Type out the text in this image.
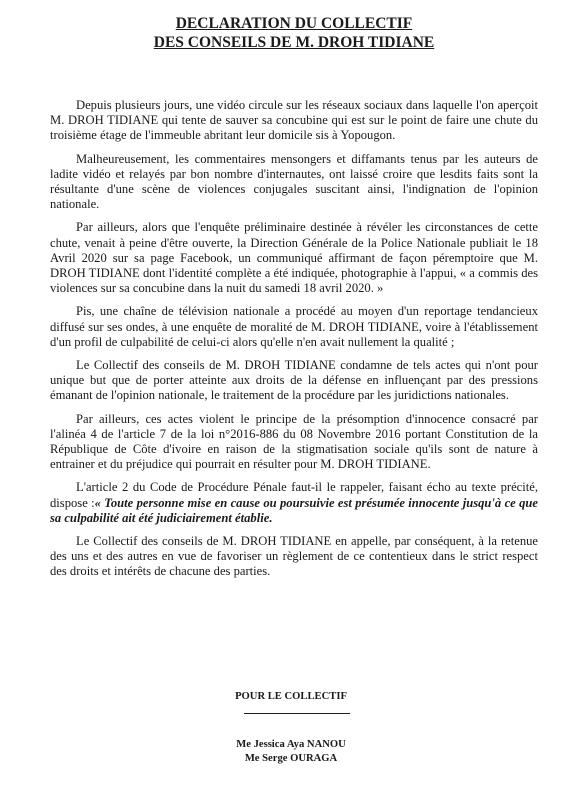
DECLARATION DU COLLECTIF
DES CONSEILS DE M. DROH TIDIANE

Depuis plusieurs jours, une vidéo circule sur les réseaux sociaux dans laquelle l'on aperçoit M. DROH TIDIANE qui tente de sauver sa concubine qui est sur le point de faire une chute du troisième étage de l'immeuble abritant leur domicile sis à Yopougon.

Malheureusement, les commentaires mensongers et diffamants tenus par les auteurs de ladite vidéo et relayés par bon nombre d'internautes, ont laissé croire que lesdits faits sont la résultante d'une scène de violences conjugales suscitant ainsi, l'indignation de l'opinion nationale.

Par ailleurs, alors que l'enquête préliminaire destinée à révéler les circonstances de cette chute, venait à peine d'être ouverte, la Direction Générale de la Police Nationale publiait le 18 Avril 2020 sur sa page Facebook, un communiqué affirmant de façon péremptoire que M. DROH TIDIANE dont l'identité complète a été indiquée, photographie à l'appui, « a commis des violences sur sa concubine dans la nuit du samedi 18 avril 2020. »

Pis, une chaîne de télévision nationale a procédé au moyen d'un reportage tendancieux diffusé sur ses ondes, à une enquête de moralité de M. DROH TIDIANE, voire à l'établissement d'un profil de culpabilité de celui-ci alors qu'elle n'en avait nullement la qualité ;

Le Collectif des conseils de M. DROH TIDIANE condamne de tels actes qui n'ont pour unique but que de porter atteinte aux droits de la défense en influençant par des pressions émanant de l'opinion nationale, le traitement de la procédure par les juridictions nationales.

Par ailleurs, ces actes violent le principe de la présomption d'innocence consacré par l'alinéa 4 de l'article 7 de la loi n°2016-886 du 08 Novembre 2016 portant Constitution de la République de Côte d'ivoire en raison de la stigmatisation sociale qu'ils sont de nature à entrainer et du préjudice qui pourrait en résulter pour M. DROH TIDIANE.

L'article 2 du Code de Procédure Pénale faut-il le rappeler, faisant écho au texte précité, dispose :« Toute personne mise en cause ou poursuivie est présumée innocente jusqu'à ce que sa culpabilité ait été judiciairement établie.

Le Collectif des conseils de M. DROH TIDIANE en appelle, par conséquent, à la retenue des uns et des autres en vue de favoriser un règlement de ce contentieux dans le strict respect des droits et intérêts de chacune des parties.

POUR LE COLLECTIF
Me Jessica Aya NANOU
Me Serge OURAGA
